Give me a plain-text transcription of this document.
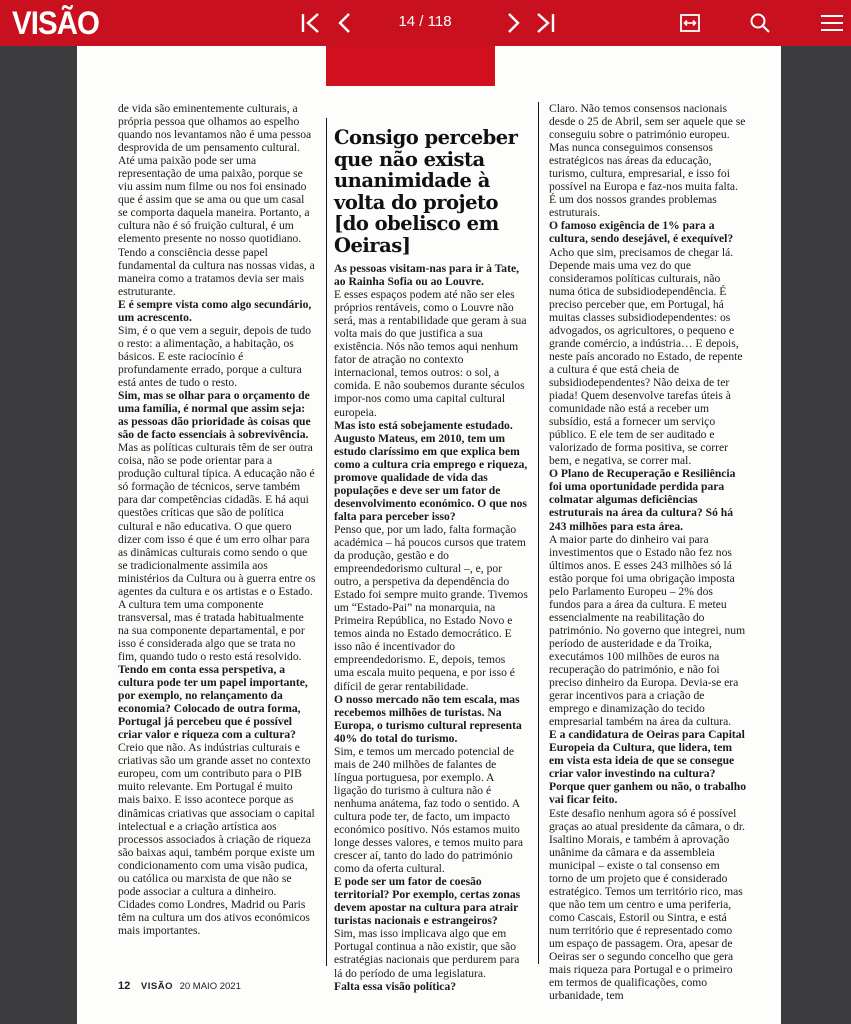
VISÃO	14 / 118

de vida são eminentemente culturais, a própria pessoa que olhamos ao espelho quando nos levantamos não é uma pessoa desprovida de um pensamento cultural. Até uma paixão pode ser uma representação de uma paixão, porque se viu assim num filme ou nos foi ensinado que é assim que se ama ou que um casal se comporta daquela maneira. Portanto, a cultura não é só fruição cultural, é um elemento presente no nosso quotidiano. Tendo a consciência desse papel fundamental da cultura nas nossas vidas, a maneira como a tratamos devia ser mais estruturante.

E é sempre vista como algo secundário, um acrescento.

Sim, é o que vem a seguir, depois de tudo o resto: a alimentação, a habitação, os básicos. E este raciocínio é profundamente errado, porque a cultura está antes de tudo o resto.

Sim, mas se olhar para o orçamento de uma família, é normal que assim seja: as pessoas dão prioridade às coisas que são de facto essenciais à sobrevivência.

Mas as políticas culturais têm de ser outra coisa, não se pode orientar para a produção cultural típica. A educação não é só formação de técnicos, serve também para dar competências cidadãs. E há aqui questões críticas que são de política cultural e não educativa. O que quero dizer com isso é que é um erro olhar para as dinâmicas culturais como sendo o que se tradicionalmente assimila aos ministérios da Cultura ou à guerra entre os agentes da cultura e os artistas e o Estado. A cultura tem uma componente transversal, mas é tratada habitualmente na sua componente departamental, e por isso é considerada algo que se trata no fim, quando tudo o resto está resolvido.

Tendo em conta essa perspetiva, a cultura pode ter um papel importante, por exemplo, no relançamento da economia? Colocado de outra forma, Portugal já percebeu que é possível criar valor e riqueza com a cultura?

Creio que não. As indústrias culturais e criativas são um grande asset no contexto europeu, com um contributo para o PIB muito relevante. Em Portugal é muito mais baixo. E isso acontece porque as dinâmicas criativas que associam o capital intelectual e a criação artística aos processos associados à criação de riqueza são baixas aqui, também porque existe um condicionamento com uma visão pudica, ou católica ou marxista de que não se pode associar a cultura a dinheiro. Cidades como Londres, Madrid ou Paris têm na cultura um dos ativos económicos mais importantes.

Consigo perceber que não exista unanimidade à volta do projeto [do obelisco em Oeiras]

As pessoas visitam-nas para ir à Tate, ao Rainha Sofia ou ao Louvre.

E esses espaços podem até não ser eles próprios rentáveis, como o Louvre não será, mas a rentabilidade que geram à sua volta mais do que justifica a sua existência. Nós não temos aqui nenhum fator de atração no contexto internacional, temos outros: o sol, a comida. E não soubemos durante séculos impor-nos como uma capital cultural europeia.

Mas isto está sobejamente estudado. Augusto Mateus, em 2010, tem um estudo claríssimo em que explica bem como a cultura cria emprego e riqueza, promove qualidade de vida das populações e deve ser um fator de desenvolvimento económico. O que nos falta para perceber isso?

Penso que, por um lado, falta formação académica – há poucos cursos que tratem da produção, gestão e do empreendedorismo cultural –, e, por outro, a perspetiva da dependência do Estado foi sempre muito grande. Tivemos um “Estado-Pai” na monarquia, na Primeira República, no Estado Novo e temos ainda no Estado democrático. E isso não é incentivador do empreendedorismo. E, depois, temos uma escala muito pequena, e por isso é difícil de gerar rentabilidade.

O nosso mercado não tem escala, mas recebemos milhões de turistas. Na Europa, o turismo cultural representa 40% do total do turismo.

Sim, e temos um mercado potencial de mais de 240 milhões de falantes de língua portuguesa, por exemplo. A ligação do turismo à cultura não é nenhuma anátema, faz todo o sentido. A cultura pode ter, de facto, um impacto económico positivo. Nós estamos muito longe desses valores, e temos muito para crescer aí, tanto do lado do património como da oferta cultural.

E pode ser um fator de coesão territorial? Por exemplo, certas zonas devem apostar na cultura para atrair turistas nacionais e estrangeiros?

Sim, mas isso implicava algo que em Portugal continua a não existir, que são estratégias nacionais que perdurem para lá do período de uma legislatura.

Falta essa visão política?

Claro. Não temos consensos nacionais desde o 25 de Abril, sem ser aquele que se conseguiu sobre o património europeu. Mas nunca conseguimos consensos estratégicos nas áreas da educação, turismo, cultura, empresarial, e isso foi possível na Europa e faz-nos muita falta. É um dos nossos grandes problemas estruturais.

O famoso exigência de 1% para a cultura, sendo desejável, é exequível?

Acho que sim, precisamos de chegar lá. Depende mais uma vez do que consideramos políticas culturais, não numa ótica de subsidiodependência. É preciso perceber que, em Portugal, há muitas classes subsidiodependentes: os advogados, os agricultores, o pequeno e grande comércio, a indústria… E depois, neste país ancorado no Estado, de repente a cultura é que está cheia de subsidiodependentes? Não deixa de ter piada! Quem desenvolve tarefas úteis à comunidade não está a receber um subsídio, está a fornecer um serviço público. E ele tem de ser auditado e valorizado de forma positiva, se correr bem, e negativa, se correr mal.

O Plano de Recuperação e Resiliência foi uma oportunidade perdida para colmatar algumas deficiências estruturais na área da cultura? Só há 243 milhões para esta área.

A maior parte do dinheiro vai para investimentos que o Estado não fez nos últimos anos. E esses 243 milhões só lá estão porque foi uma obrigação imposta pelo Parlamento Europeu – 2% dos fundos para a área da cultura. E meteu essencialmente na reabilitação do património. No governo que integrei, num período de austeridade e da Troika, executámos 100 milhões de euros na recuperação do património, e não foi preciso dinheiro da Europa. Devia-se era gerar incentivos para a criação de emprego e dinamização do tecido empresarial também na área da cultura.

E a candidatura de Oeiras para Capital Europeia da Cultura, que lidera, tem em vista esta ideia de que se consegue criar valor investindo na cultura? Porque quer ganhem ou não, o trabalho vai ficar feito.

Este desafio nenhum agora só é possível graças ao atual presidente da câmara, o dr. Isaltino Morais, e também à aprovação unânime da câmara e da assembleia municipal – existe o tal consenso em torno de um projeto que é considerado estratégico. Temos um território rico, mas que não tem um centro e uma periferia, como Cascais, Estoril ou Sintra, e está num território que é representado como um espaço de passagem. Ora, apesar de Oeiras ser o segundo concelho que gera mais riqueza para Portugal e o primeiro em termos de qualificações, como urbanidade, tem

12 VISÃO 20 MAIO 2021
